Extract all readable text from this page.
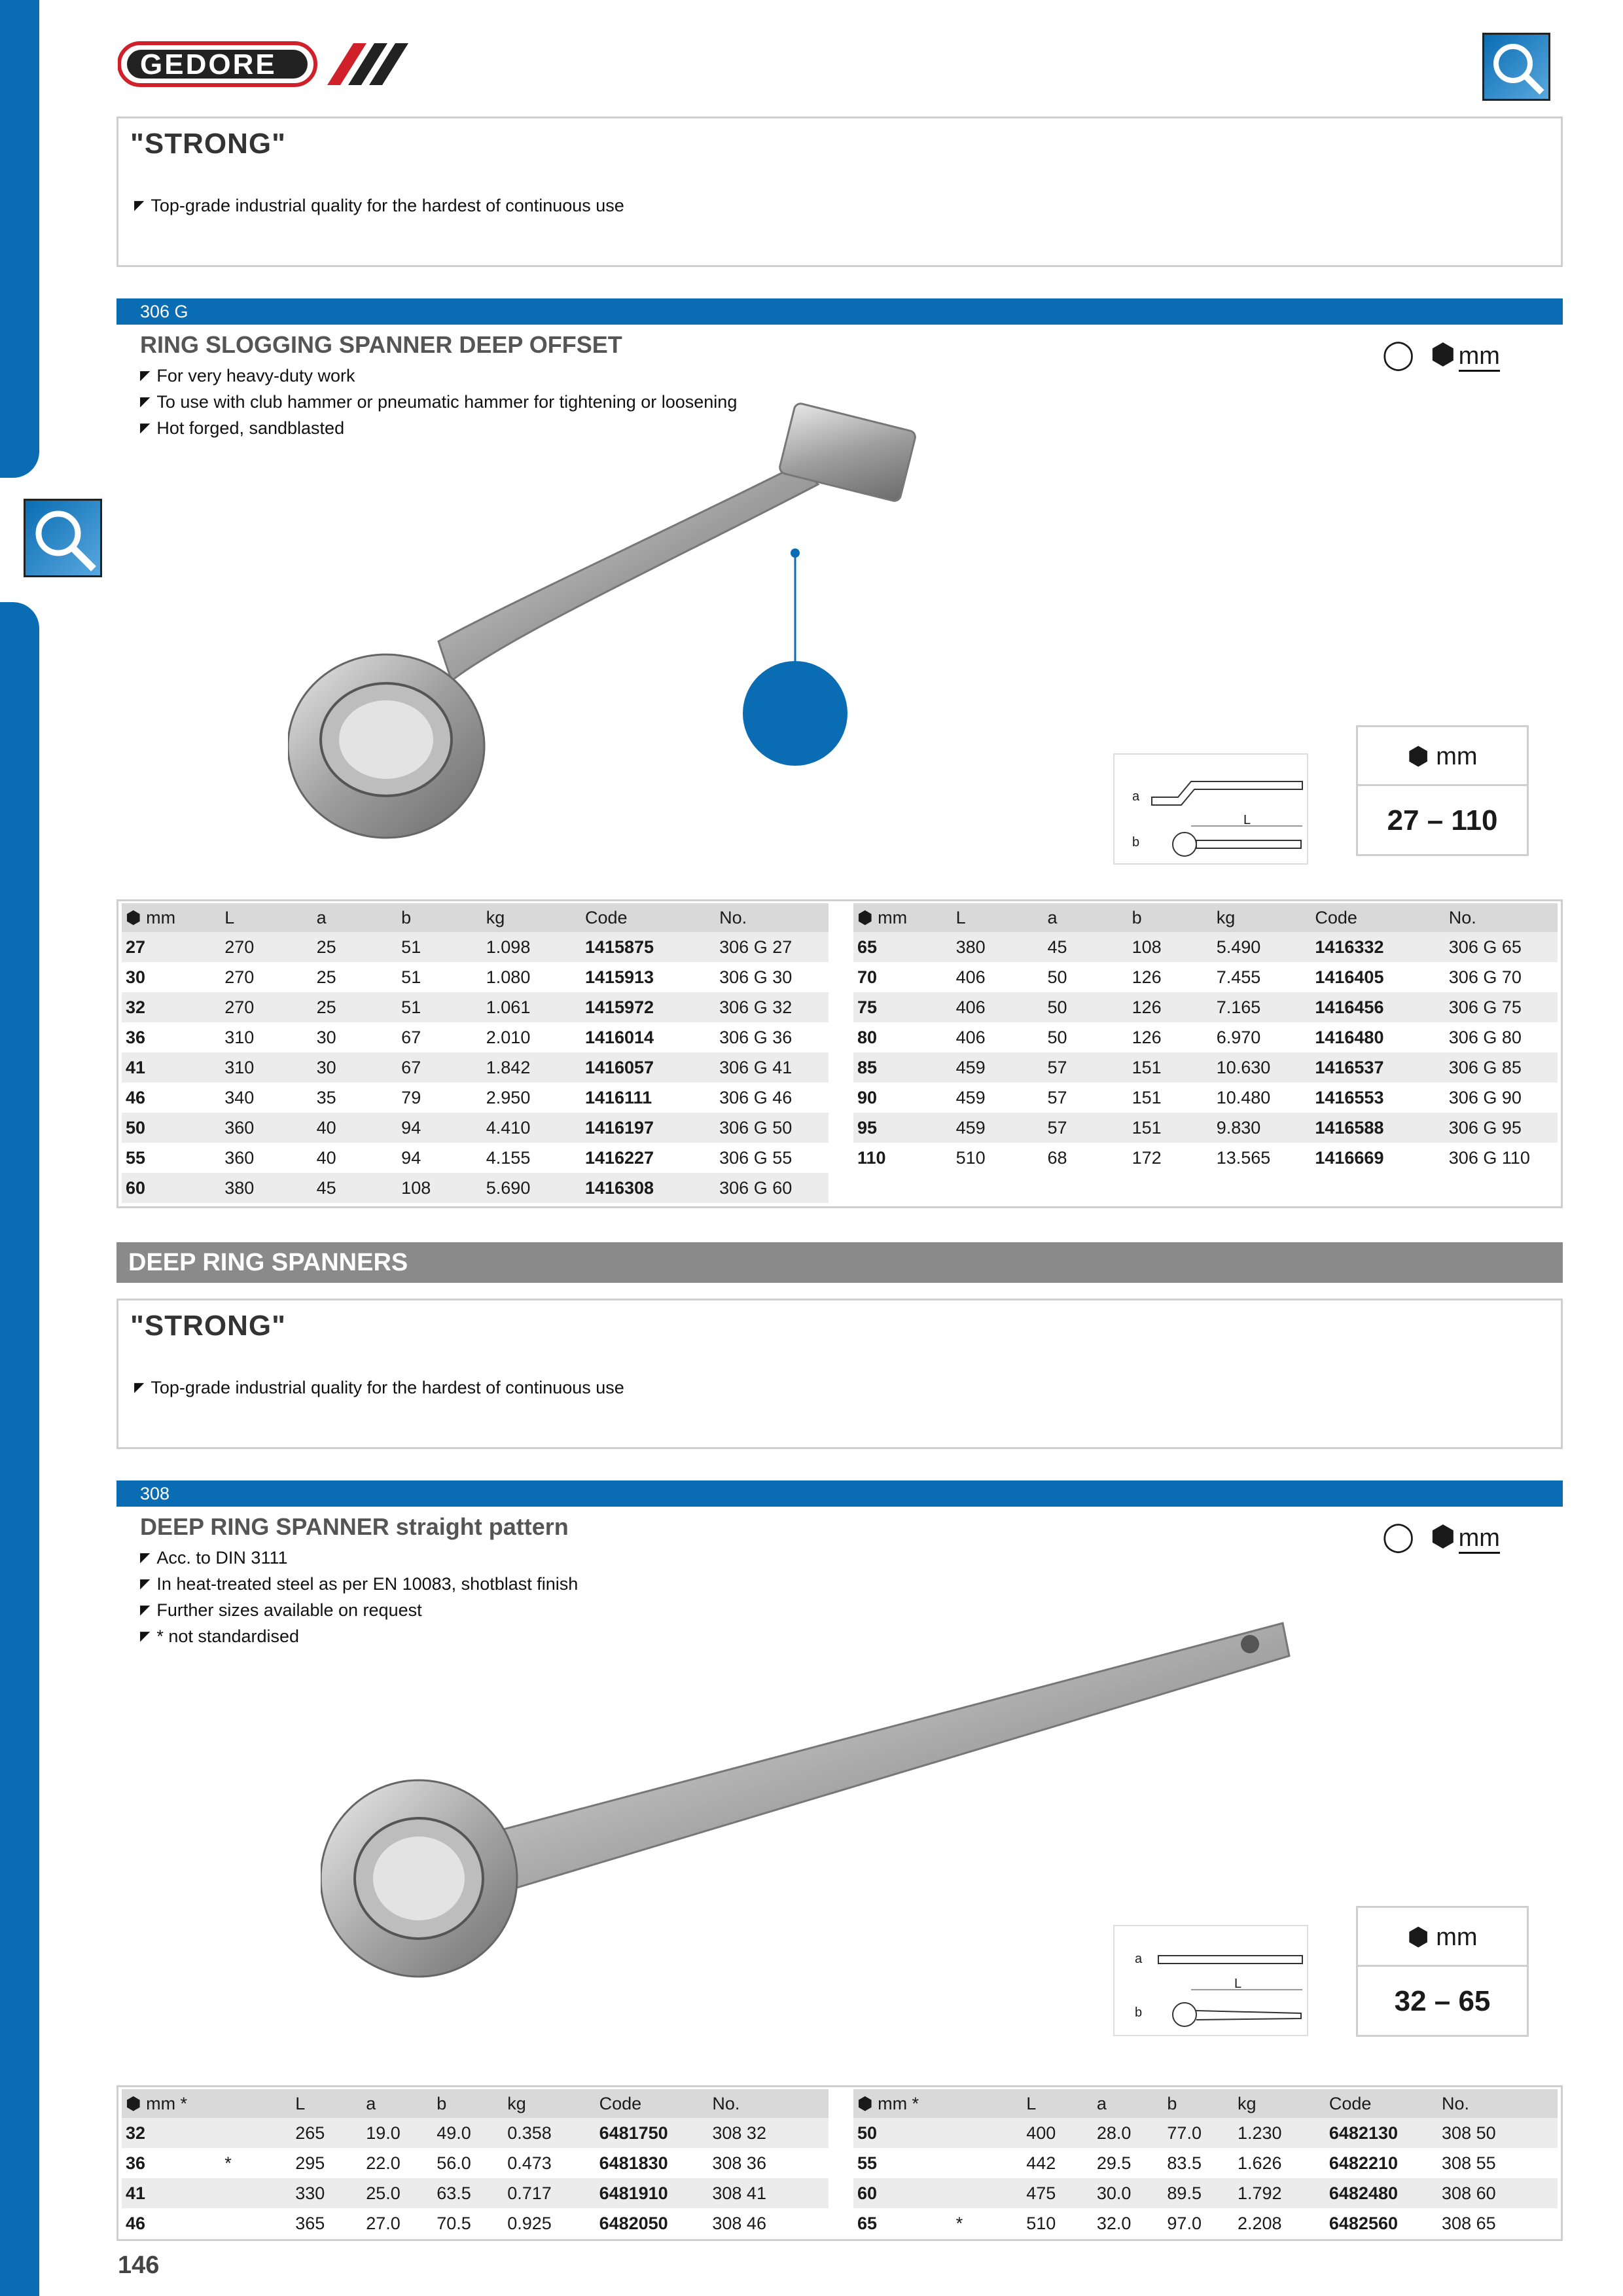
GEDORE
"STRONG"
◤ Top-grade industrial quality for the hardest of continuous use
306 G
RING SLOGGING SPANNER DEEP OFFSET
◤ For very heavy-duty work
◤ To use with club hammer or pneumatic hammer for tightening or loosening
◤ Hot forged, sandblasted
◯ ⬢ mm
a
L
b
⬢ mm
27 – 110
⬢ mm	L	a	b	kg	Code	No.
27	270	25	51	1.098	1415875	306 G 27
30	270	25	51	1.080	1415913	306 G 30
32	270	25	51	1.061	1415972	306 G 32
36	310	30	67	2.010	1416014	306 G 36
41	310	30	67	1.842	1416057	306 G 41
46	340	35	79	2.950	1416111	306 G 46
50	360	40	94	4.410	1416197	306 G 50
55	360	40	94	4.155	1416227	306 G 55
60	380	45	108	5.690	1416308	306 G 60
⬢ mm	L	a	b	kg	Code	No.
65	380	45	108	5.490	1416332	306 G 65
70	406	50	126	7.455	1416405	306 G 70
75	406	50	126	7.165	1416456	306 G 75
80	406	50	126	6.970	1416480	306 G 80
85	459	57	151	10.630	1416537	306 G 85
90	459	57	151	10.480	1416553	306 G 90
95	459	57	151	9.830	1416588	306 G 95
110	510	68	172	13.565	1416669	306 G 110
DEEP RING SPANNERS
"STRONG"
◤ Top-grade industrial quality for the hardest of continuous use
308
DEEP RING SPANNER straight pattern
◤ Acc. to DIN 3111
◤ In heat-treated steel as per EN 10083, shotblast finish
◤ Further sizes available on request
◤ * not standardised
◯ ⬢ mm
a
L
b
⬢ mm
32 – 65
⬢ mm *		L	a	b	kg	Code	No.
32		265	19.0	49.0	0.358	6481750	308 32
36	*	295	22.0	56.0	0.473	6481830	308 36
41		330	25.0	63.5	0.717	6481910	308 41
46		365	27.0	70.5	0.925	6482050	308 46
⬢ mm *		L	a	b	kg	Code	No.
50		400	28.0	77.0	1.230	6482130	308 50
55		442	29.5	83.5	1.626	6482210	308 55
60		475	30.0	89.5	1.792	6482480	308 60
65	*	510	32.0	97.0	2.208	6482560	308 65
146
